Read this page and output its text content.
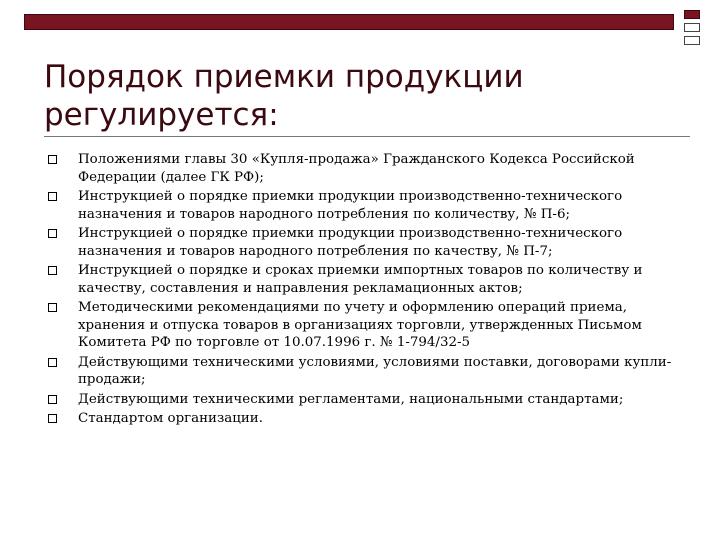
Порядок приемки продукции регулируется:
Положениями главы 30 «Купля-продажа» Гражданского Кодекса Российской Федерации (далее ГК РФ);
Инструкцией о порядке приемки продукции производственно-технического назначения и товаров народного потребления по количеству, № П-6;
Инструкцией о порядке приемки продукции производственно-технического назначения и товаров народного потребления по качеству, № П-7;
Инструкцией о порядке и сроках приемки импортных товаров по количеству и качеству, составления и направления рекламационных актов;
Методическими рекомендациями по учету и оформлению операций приема, хранения и отпуска товаров в организациях торговли, утвержденных Письмом Комитета РФ по торговле от 10.07.1996 г. № 1-794/32-5
Действующими техническими условиями, условиями поставки, договорами купли-продажи;
Действующими техническими регламентами, национальными стандартами;
Стандартом организации.
